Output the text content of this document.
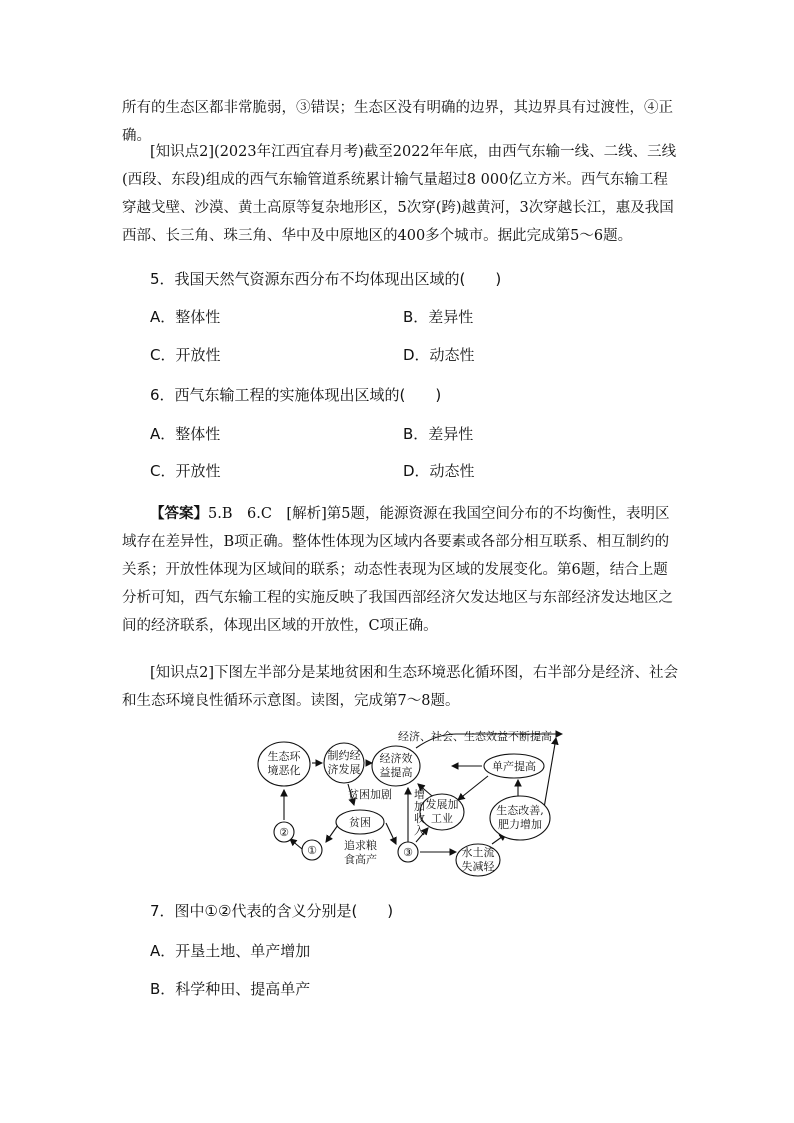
所有的生态区都非常脆弱，③错误；生态区没有明确的边界，其边界具有过渡性，④正确。

[知识点2](2023年江西宜春月考)截至2022年年底，由西气东输一线、二线、三线(西段、东段)组成的西气东输管道系统累计输气量超过8 000亿立方米。西气东输工程穿越戈壁、沙漠、黄土高原等复杂地形区，5次穿(跨)越黄河，3次穿越长江，惠及我国西部、长三角、珠三角、华中及中原地区的400多个城市。据此完成第5～6题。

5．我国天然气资源东西分布不均体现出区域的(　　)
A．整体性	B．差异性
C．开放性	D．动态性
6．西气东输工程的实施体现出区域的(　　)
A．整体性	B．差异性
C．开放性	D．动态性

【答案】5.B　6.C　[解析]第5题，能源资源在我国空间分布的不均衡性，表明区域存在差异性，B项正确。整体性体现为区域内各要素或各部分相互联系、相互制约的关系；开放性体现为区域间的联系；动态性表现为区域的发展变化。第6题，结合上题分析可知，西气东输工程的实施反映了我国西部经济欠发达地区与东部经济发达地区之间的经济联系，体现出区域的开放性，C项正确。

[知识点2]下图左半部分是某地贫困和生态环境恶化循环图，右半部分是经济、社会和生态环境良性循环示意图。读图，完成第7～8题。

经济、社会、生态效益不断提高
生态环
境恶化
制约经
济发展
经济效
益提高	单产提高
贫困加剧 增
加
收
入
发展加
工业
生态改善,
肥力增加
贫困
追求粮
食高产
水土流
失减轻
①
②
③
7．图中①②代表的含义分别是(　　)
A．开垦土地、单产增加
B．科学种田、提高单产
